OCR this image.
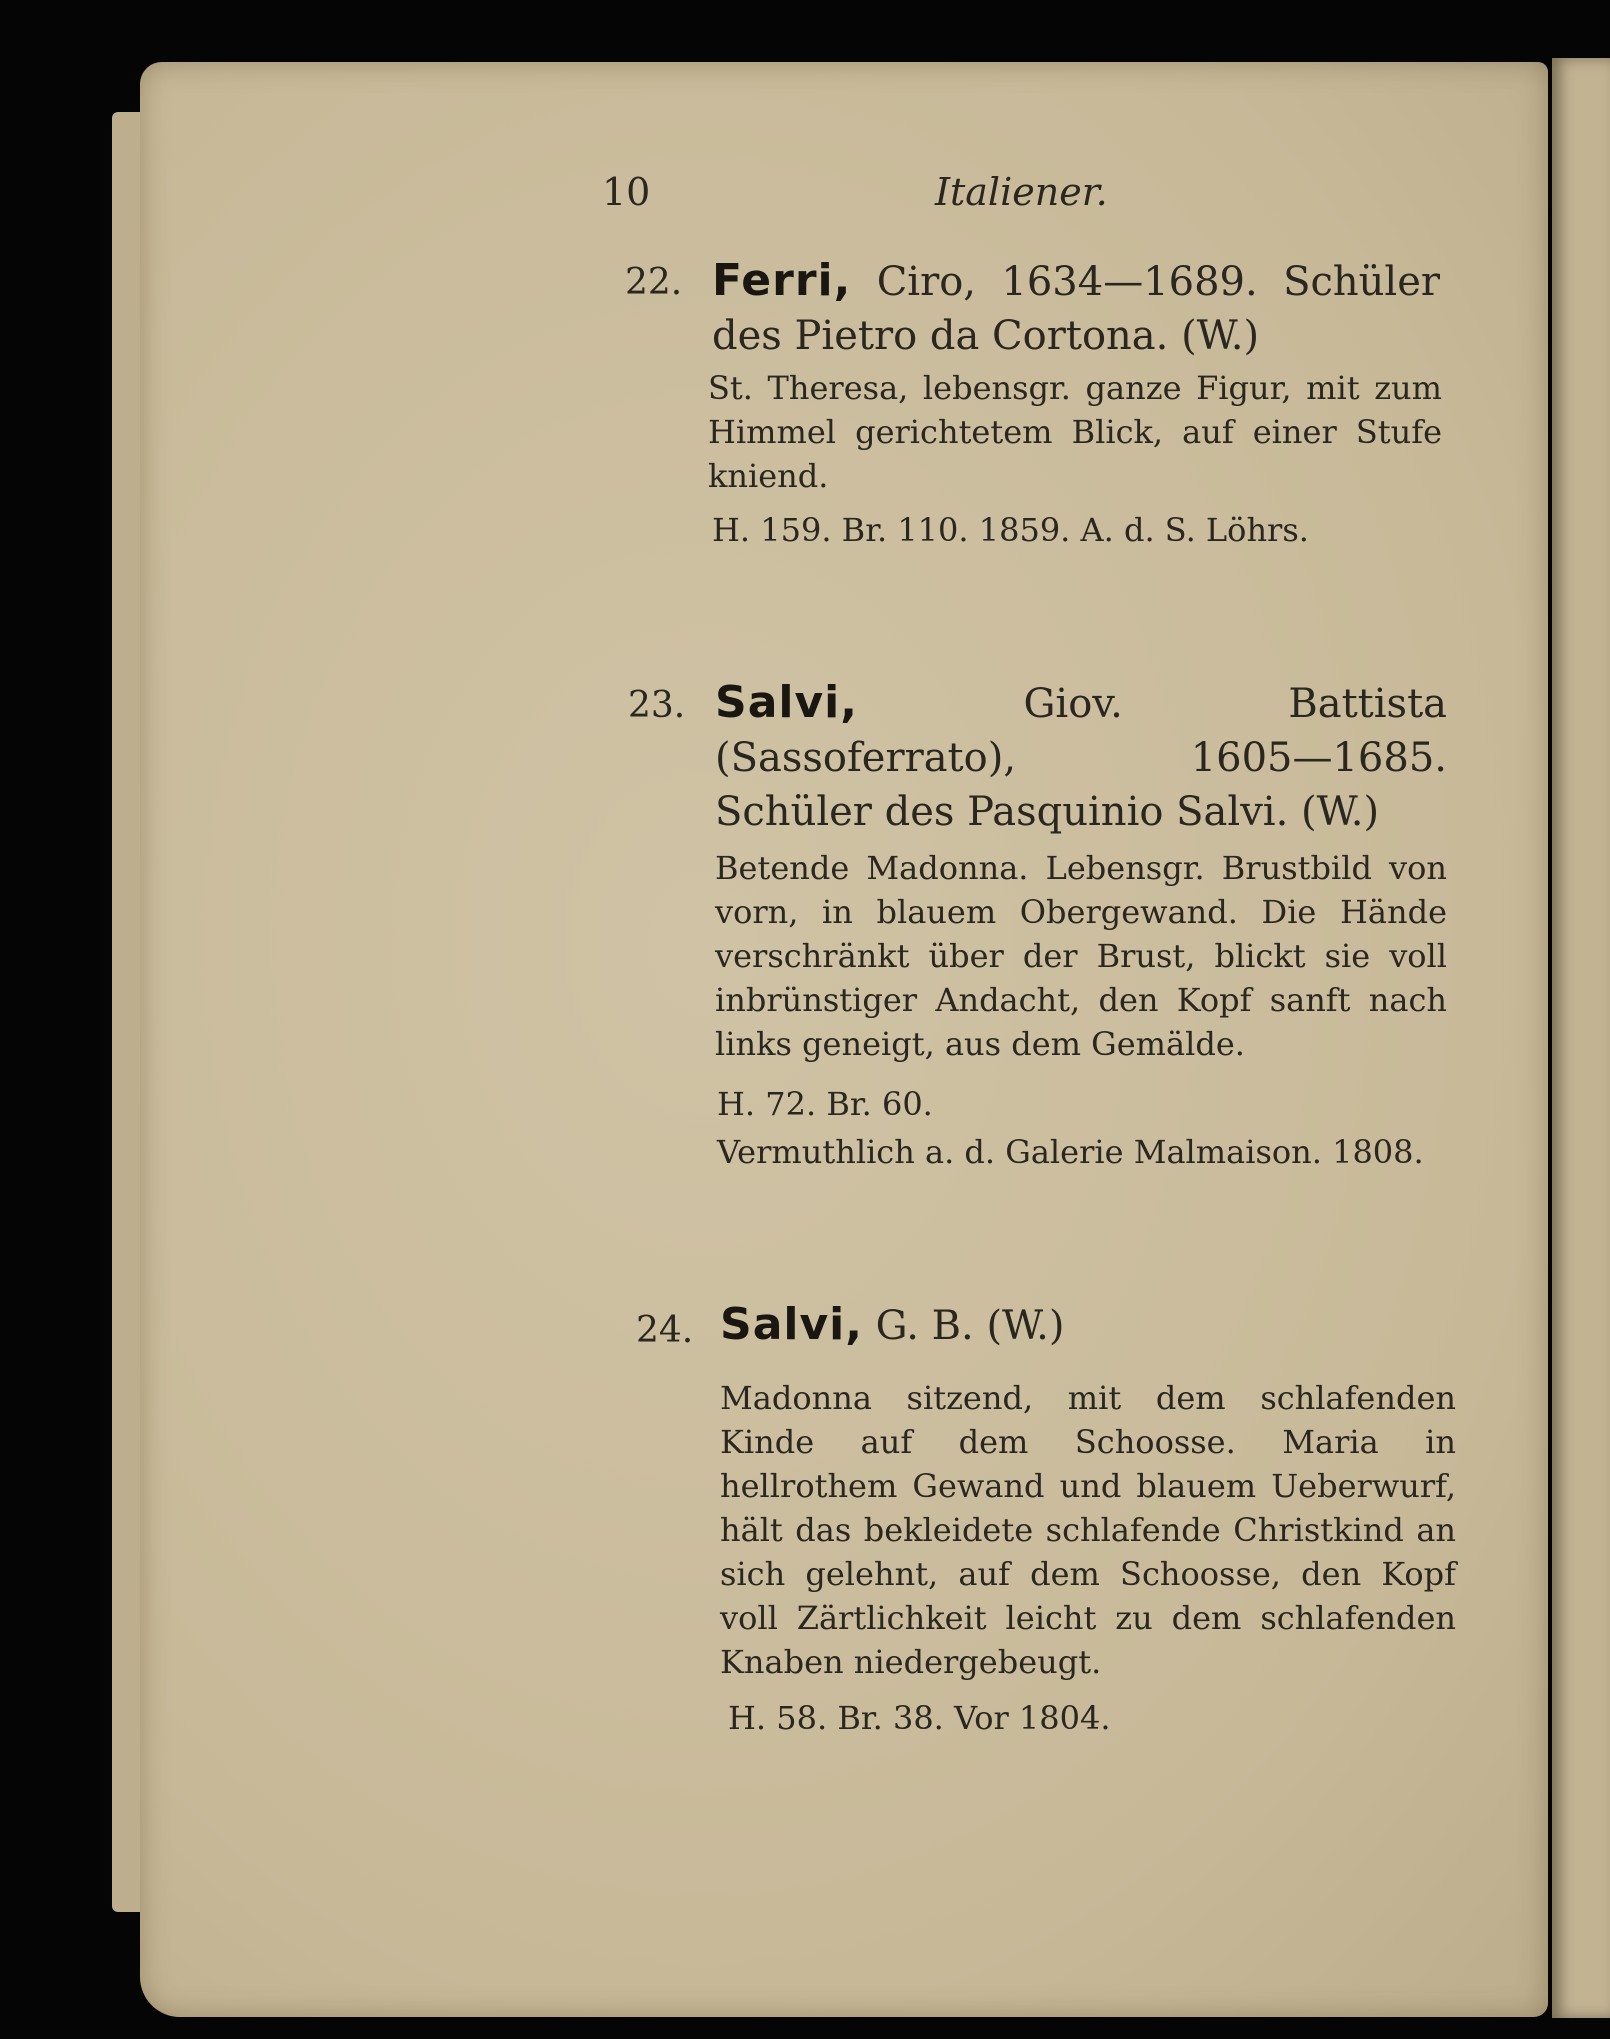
10	Italiener.
22. Ferri, Ciro, 1634—1689. Schüler des Pietro da Cortona. (W.)
St. Theresa, lebensgr. ganze Figur, mit zum Himmel gerichtetem Blick, auf einer Stufe kniend.
H. 159. Br. 110. 1859. A. d. S. Löhrs.
23. Salvi,	Giov. Battista (Sassoferrato), 1605—1685. Schüler des Pasquinio Salvi. (W.)
Betende Madonna. Lebensgr. Brustbild von vorn, in blauem Obergewand. Die Hände verschränkt über der Brust, blickt sie voll inbrünstiger Andacht, den Kopf sanft nach links geneigt, aus dem Gemälde.
H. 72. Br. 60.
Vermuthlich a. d. Galerie Malmaison. 1808.
24. Salvi, G. B. (W.)
Madonna sitzend, mit dem schlafenden Kinde auf dem Schoosse. Maria in hellrothem Gewand und blauem Ueberwurf, hält das bekleidete schlafende Christkind an sich gelehnt, auf dem Schoosse, den Kopf voll Zärtlichkeit leicht zu dem schlafenden Knaben niedergebeugt.
H. 58. Br. 38. Vor 1804.
